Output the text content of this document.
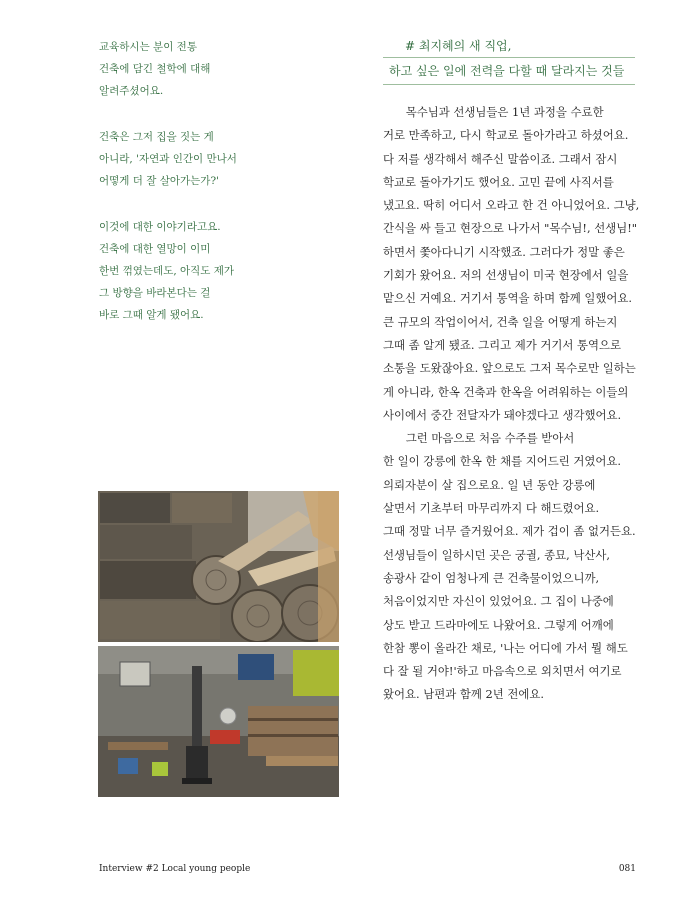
교육하시는 분이 전통
건축에 담긴 철학에 대해
알려주셨어요.

건축은 그저 집을 짓는 게
아니라, '자연과 인간이 만나서
어떻게 더 잘 살아가는가?'

이것에 대한 이야기라고요.
건축에 대한 열망이 이미
한번 꺾였는데도, 아직도 제가
그 방향을 바라본다는 걸
바로 그때 알게 됐어요.

# 최지혜의 새 직업,
하고 싶은 일에 전력을 다할 때 달라지는 것들
　　목수님과 선생님들은 1년 과정을 수료한
거로 만족하고, 다시 학교로 돌아가라고 하셨어요.
다 저를 생각해서 해주신 말씀이죠. 그래서 잠시
학교로 돌아가기도 했어요. 고민 끝에 사직서를
냈고요. 딱히 어디서 오라고 한 건 아니었어요. 그냥,
간식을 싸 들고 현장으로 나가서 "목수님!, 선생님!"
하면서 쫓아다니기 시작했죠. 그러다가 정말 좋은
기회가 왔어요. 저의 선생님이 미국 현장에서 일을
맡으신 거예요. 거기서 통역을 하며 함께 일했어요.
큰 규모의 작업이어서, 건축 일을 어떻게 하는지
그때 좀 알게 됐죠. 그리고 제가 거기서 통역으로
소통을 도왔잖아요. 앞으로도 그저 목수로만 일하는
게 아니라, 한옥 건축과 한옥을 어려워하는 이들의
사이에서 중간 전달자가 돼야겠다고 생각했어요.
　　그런 마음으로 처음 수주를 받아서
한 일이 강릉에 한옥 한 채를 지어드린 거였어요.
의뢰자분이 살 집으로요. 일 년 동안 강릉에
살면서 기초부터 마무리까지 다 해드렸어요.
그때 정말 너무 즐거웠어요. 제가 겁이 좀 없거든요.
선생님들이 일하시던 곳은 궁궐, 종묘, 낙산사,
송광사 같이 엄청나게 큰 건축물이었으니까,
처음이었지만 자신이 있었어요. 그 집이 나중에
상도 받고 드라마에도 나왔어요. 그렇게 어깨에
한참 뽕이 올라간 채로, '나는 어디에 가서 뭘 해도
다 잘 될 거야!'하고 마음속으로 외치면서 여기로
왔어요. 남편과 함께 2년 전에요.
Interview #2 Local young people	081
